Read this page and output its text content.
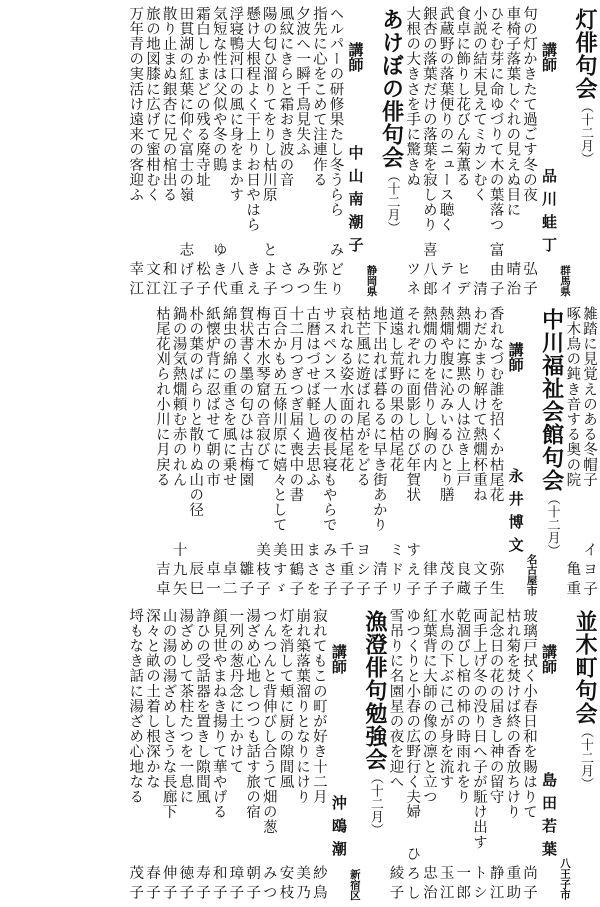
灯俳句会（十二月）
群馬県
講師
品川蛙丁
句の灯かきたて過ごす冬の夜
弘子
車椅子落葉しぐれの見えぬ目に
晴治
ひそむ芽に命ゆづりて木の葉落つ
富由子
小説の結末見えてミカンむく
清
食卓に飾りし花びん菊薫る
ヒデ
武蔵野の落葉便りのニュース聴く
テイ
銀杏の落葉だけの落葉を寂しめり
喜八郎
大根の大きさを手に驚きぬ
ツネ
あけぼの俳句会（十二月）
静岡県
講師
中山南潮子
ヘルパーの研修果たし冬うらら
みどり
指先に心をこめて注連作る
弥生
夕波へ一瞬千鳥見失ふ
みつ
風紋にきらと霜おき波の音
さつ
陽の匂ひ溜りてをりし枯川原
とよ子
懸け大根程よく干上りお日やはら
きえ
浮寝鴨河口の風に身をまかす
八重
気短な性は父似や冬の鵙
ゆき代
霜白しかまどの残る廃寺址
松子
田貫湖の紅葉に仰ぐ富士の嶺
志げ子
散り止まぬ銀杏に兄の棺出る
和江
旅の地図膝に広げて蜜柑むく
文江
万年青の実活け遠来の客迎ふ
幸江
雑踏に見覚えのある冬帽子
イヨ子
啄木鳥の鈍き音する奥の院
亀重
中川福祉会館句会（十二月）
名古屋市
講師
永井博文
香れなづむ誰を招くか枯尾花
弥生
わだかまり解けて熱燗杯重ね
文子
熱燗に寡黙の人は泣き上戸
良蔵
熱燗や腹に沁みいるひとり膳
茂子
熱燗の力を借りし胸の内
律子
それぞれに面影しのび年賀状
すえ子
道遠し荒野の果の枯尾花
ミドリ
地下出れば暮るるに早き街あかり
清子
枯芒風に遊ばれ尾がをどる
ヨシ子
哀れなる姿水面の枯尾花
千重子
サスペンス一人の夜長寝もやらで
みさ子
古暦はづせば軽し過去思ふ
まさを
十二月つぎつぎ届く喪中の書
田鶴子
百合かもめ五條川原に嬉々として
美すゞ
梅古木水琴窟の音寂びて
美枝子
賀状書く墨の匂ひは古梅園
雛子
綿虫の綿の重さを風に乗せ
卓二
紙懐炉背に忍ばせて朝の市
卓一
朴の葉のばらりと散りぬ山の径
辰巳
鍋の湯気熱燗頼む赤のれん
十九矢
枯尾花刈られ小川に月戻る
吉卓
並木町句会（十二月）
八王子市
講師
島田若葉
玻璃戸拭く小春日和を賜はりて
尚子
枯れ菊を焚けば終の香放ちけり
重助
記念日の花の届きし神の留守
静江
両手上げ冬の没り日へ子が駈け出す
トシ
乾涸びし棺の柿の時雨れをり
一郎
水鳥の下ぶに己が身を流す
玉江
紅葉背に大師の像の凛と立つ
忠治
ゆつくりと小春の広野行く夫婦
ひろし
雪吊りに名園星の夜を迎へ
綾子
漁澄俳句勉強会（十二月）
新宿区
講師
沖鴎潮
寂れてもこの町が好き十二月
紗鳥
崩れ築落葉溜りとなりにけり
美乃
灯を消して頬に厨の隙間風
安枝
つんつんと背伸びし合うて畑の葱
みつ
湯ざめ心地しつつも話す旅の宿
朝子
一列の葱丹念に土かけて
璋子
顔見世やまねき揚りて華やげる
和子
諍ひの受話器を置きし隙間風
寿子
湯ざめして茶柱たつを一息に
徳子
山の湯の湯ざめしさうな長廊下
伸子
深々と畝の土着し根深かな
春子
埒もなき話に湯ざめ心地なる
茂子
